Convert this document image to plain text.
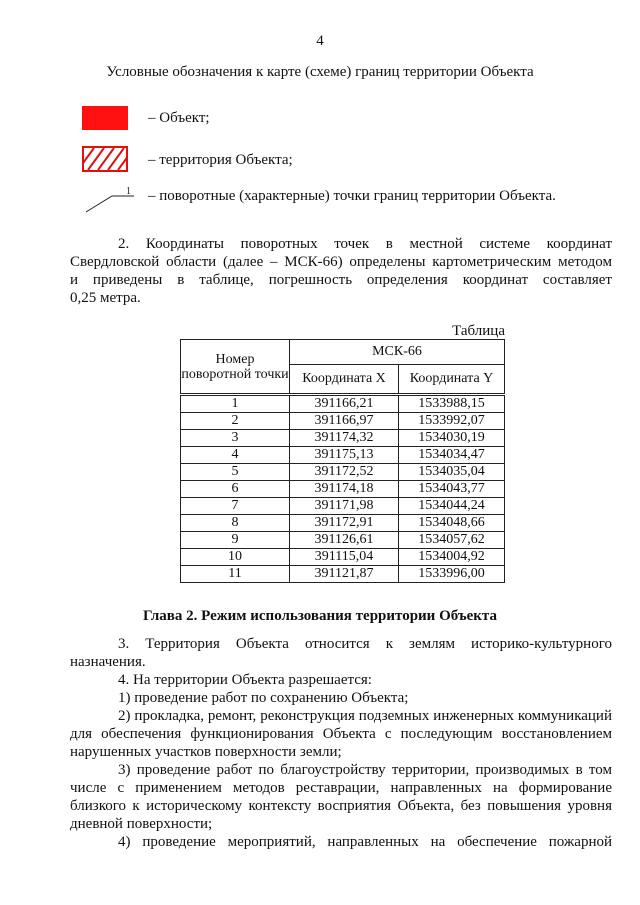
4
Условные обозначения к карте (схеме) границ территории Объекта
– Объект;
– территория Объекта;
1 – поворотные (характерные) точки границ территории Объекта.
2. Координаты поворотных точек в местной системе координат
Свердловской области (далее – МСК-66) определены картометрическим методом
и приведены в таблице, погрешность определения координат составляет
0,25 метра.
Таблица
Номер поворотной точки	МСК-66	
	Координата X	Координата Y
1	391166,21	1533988,15
2	391166,97	1533992,07
3	391174,32	1534030,19
4	391175,13	1534034,47
5	391172,52	1534035,04
6	391174,18	1534043,77
7	391171,98	1534044,24
8	391172,91	1534048,66
9	391126,61	1534057,62
10	391115,04	1534004,92
11	391121,87	1533996,00
Глава 2. Режим использования территории Объекта
3. Территория Объекта относится к землям историко-культурного
назначения.
4. На территории Объекта разрешается:
1) проведение работ по сохранению Объекта;
2) прокладка, ремонт, реконструкция подземных инженерных коммуникаций
для обеспечения функционирования Объекта с последующим восстановлением
нарушенных участков поверхности земли;
3) проведение работ по благоустройству территории, производимых в том
числе с применением методов реставрации, направленных на формирование
близкого к историческому контексту восприятия Объекта, без повышения уровня
дневной поверхности;
4) проведение мероприятий, направленных на обеспечение пожарной
